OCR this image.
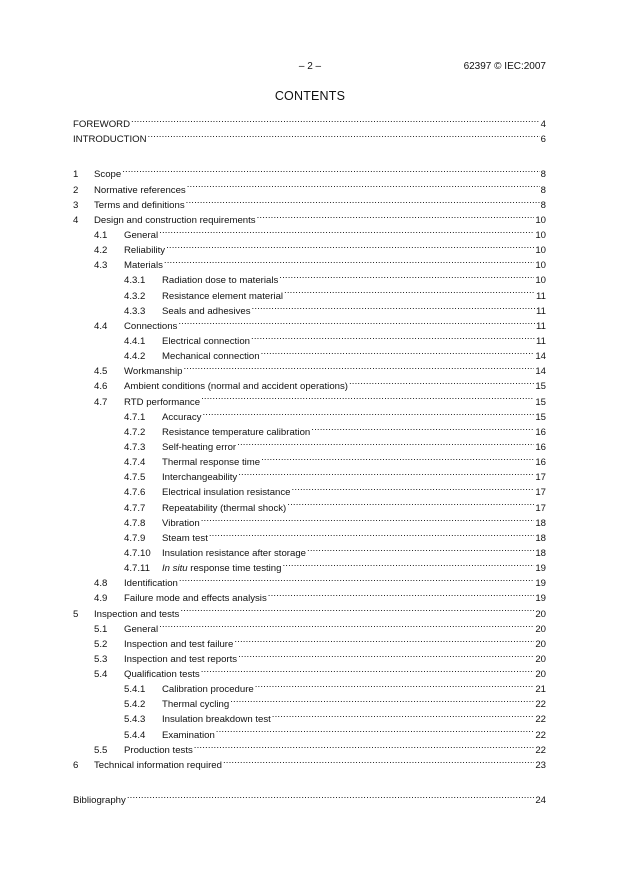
– 2 –	62397 © IEC:2007
CONTENTS
FOREWORD .....	4
INTRODUCTION .....	6
1	Scope .....	8
2	Normative references .....	8
3	Terms and definitions .....	8
4	Design and construction requirements .....	10
4.1	General .....	10
4.2	Reliability .....	10
4.3	Materials .....	10
4.3.1	Radiation dose to materials .....	10
4.3.2	Resistance element material .....	11
4.3.3	Seals and adhesives .....	11
4.4	Connections .....	11
4.4.1	Electrical connection .....	11
4.4.2	Mechanical connection .....	14
4.5	Workmanship .....	14
4.6	Ambient conditions (normal and accident operations) .....	15
4.7	RTD performance .....	15
4.7.1	Accuracy .....	15
4.7.2	Resistance temperature calibration .....	16
4.7.3	Self-heating error .....	16
4.7.4	Thermal response time .....	16
4.7.5	Interchangeability .....	17
4.7.6	Electrical insulation resistance .....	17
4.7.7	Repeatability (thermal shock) .....	17
4.7.8	Vibration .....	18
4.7.9	Steam test .....	18
4.7.10	Insulation resistance after storage .....	18
4.7.11	In situ response time testing .....	19
4.8	Identification .....	19
4.9	Failure mode and effects analysis .....	19
5	Inspection and tests .....	20
5.1	General .....	20
5.2	Inspection and test failure .....	20
5.3	Inspection and test reports .....	20
5.4	Qualification tests .....	20
5.4.1	Calibration procedure .....	21
5.4.2	Thermal cycling .....	22
5.4.3	Insulation breakdown test .....	22
5.4.4	Examination .....	22
5.5	Production tests .....	22
6	Technical information required .....	23
Bibliography .....	24
